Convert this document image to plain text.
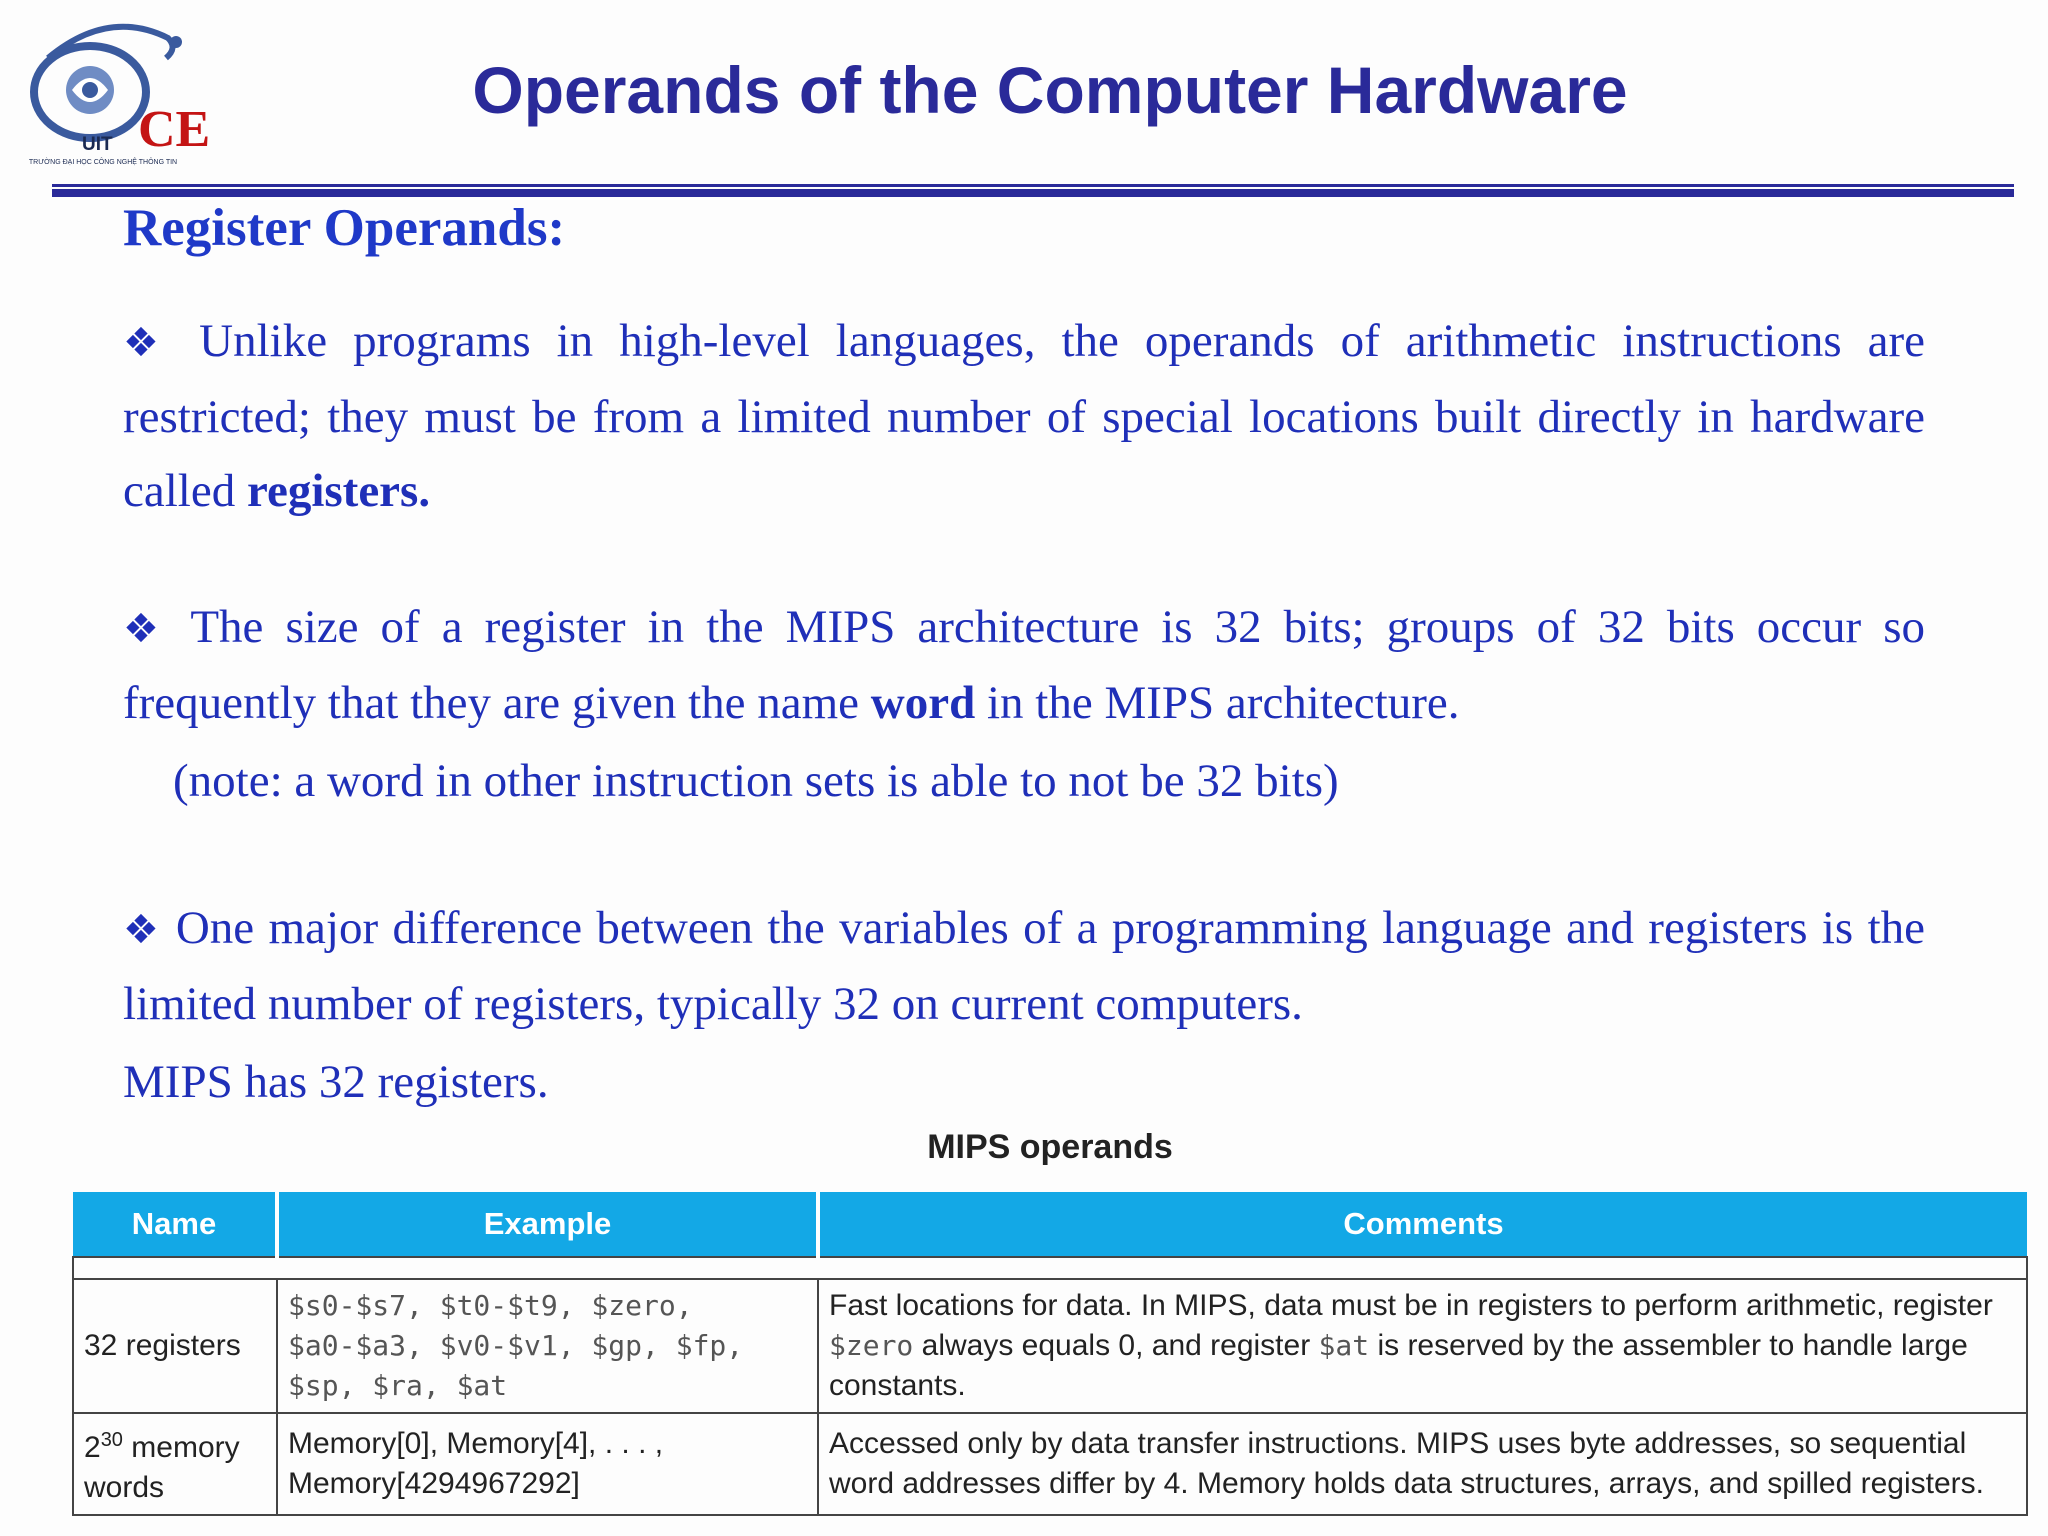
UIT CE
TRƯỜNG ĐẠI HỌC CÔNG NGHỆ THÔNG TIN
Operands of the Computer Hardware
Register Operands:
❖ Unlike programs in high-level languages, the operands of arithmetic instructions are restricted; they must be from a limited number of special locations built directly in hardware called registers.
❖ The size of a register in the MIPS architecture is 32 bits; groups of 32 bits occur so frequently that they are given the name word in the MIPS architecture.
(note: a word in other instruction sets is able to not be 32 bits)
❖ One major difference between the variables of a programming language and registers is the limited number of registers, typically 32 on current computers.
MIPS has 32 registers.
MIPS operands
Name	Example	Comments

32 registers	$s0-$s7, $t0-$t9, $zero,
$a0-$a3, $v0-$v1, $gp, $fp,
$sp, $ra, $at	Fast locations for data. In MIPS, data must be in registers to perform arithmetic, register $zero always equals 0, and register $at is reserved by the assembler to handle large constants.
$2^{30}$ memory words	Memory[0], Memory[4], . . . , Memory[4294967292]	Accessed only by data transfer instructions. MIPS uses byte addresses, so sequential word addresses differ by 4. Memory holds data structures, arrays, and spilled registers.
